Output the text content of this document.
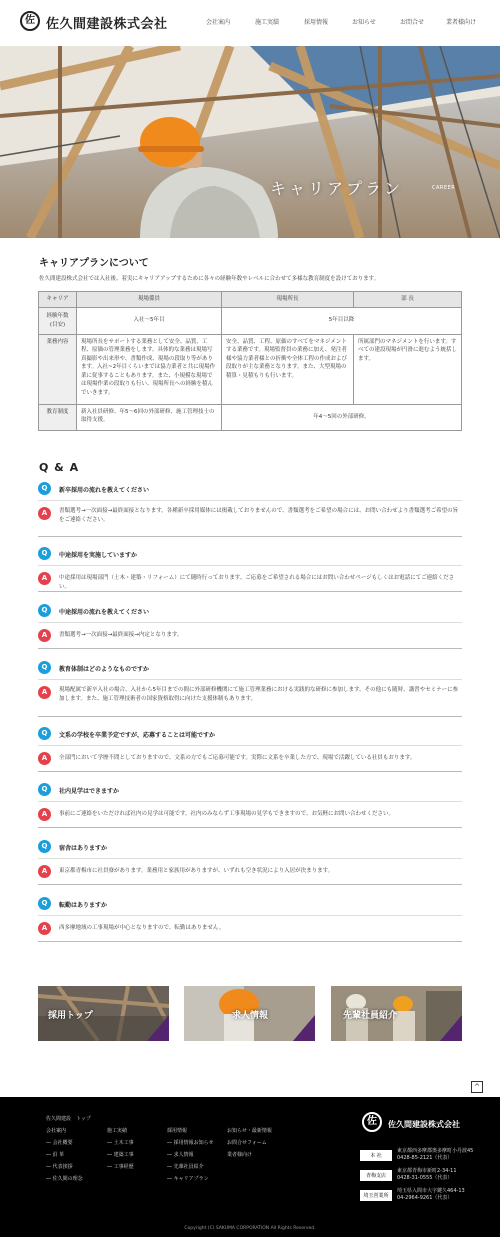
佐 佐久間建設株式会社	会社案内	施工実績	採用情報	お知らせ	お問合せ	業者様向け
キャリアプラン	CAREER
キャリアプランについて
佐久間建設株式会社では入社後、着実にキャリアアップするために各々の経験年数やレベルに合わせて多様な教育制度を設けております。
キャリア	現場係員	現場所長	部 長
経験年数
(目安)	入社〜5年目	5年目以降	
業務内容	現場所長をサポートする業務として安全、品質、工程、原価の管理業務をします。具体的な業務は現場写真撮影や出来形や、書類作成、現場の段取り等があります。入社~2年目くらいまでは協力業者と共に現場作業に従事することもあります。また、小規模な現場では現場作業の段取りも行い、現場所長への経験を積んでいきます。	安全、品質、工程、原価のすべてをマネジメントする業務です。現場監督員の業務に加え、発注者様や協力業者様との折衝や全体工程の作成および段取りが主な業務となります。また、大型現場の積算・見積もりも行います。	所属部門のマネジメントを行います。すべての建設現場が円滑に進むよう統括します。
教育制度	新入社員研修、年5〜6回の外部研修、施工管理技士の取得支援。	年4〜5回の外部研修。	
Q & A
Q	新卒採用の流れを教えてください
A	書類選考→一次面接→最終面接となります。各種新卒採用媒体には掲載しておりませんので、書類選考をご希望の場合には、お問い合わせより書類選考ご希望の旨をご連絡ください。
Q	中途採用を実施していますか
A	中途採用は現場部門（土木・建築・リフォーム）にて随時行っております。ご応募をご希望される場合にはお問い合わせページもしくはお電話にてご連絡ください。
Q	中途採用の流れを教えてください
A	書類選考→一次面接→最終面接→内定となります。
Q	教育体制はどのようなものですか
A	現場配属で新卒入社の場合、入社から5年目までの間に外部研修機関にて施工管理業務における実践的な研修に参加します。その他にも随時、講習やセミナーに参加します。また、施工管理技術者の国家資格取得に向けた支援体制もあります。
Q	文系の学校を卒業予定ですが、応募することは可能ですか
A	全部門において学歴不問としておりますので、文系の方でもご応募可能です。実際に文系を卒業した方で、現場で活躍している社員もおります。
Q	社内見学はできますか
A	事前にご連絡をいただければ社内の見学は可能です。社内のみならず工事現場の見学もできますので、お気軽にお問い合わせください。
Q	宿舎はありますか
A	東京都青梅市に社員寮があります。業務用と家族用がありますが、いずれも空き状況により入居が決まります。
Q	転勤はありますか
A	西多摩地域の工事現場が中心となりますので、転勤はありません。
採用トップ	求人情報	先輩社員紹介
^
佐久間建設　トップ
会社案内
― 会社概要
― 沿 革
― 代表挨拶
― 佐久間の理念
施工実績
― 土木工事
― 建築工事
― 工事経歴
採用情報
― 採用情報お知らせ
― 求人情報
― 先輩社員紹介
― キャリアプラン
お知らせ・最新情報
お問合せフォーム
業者様向け
佐	佐久間建設株式会社
本 社
東京都西多摩郡奥多摩町小丹波45
0428-85-2121（代表）
青梅支店
東京都青梅市新町2-34-11
0428-31-0555（代表）
埼玉営業所
埼玉県入間市大字鍵久464-13
04-2964-9261（代表）
Copyright (C) SAKUMA CORPORATION All Rights Reserved.
